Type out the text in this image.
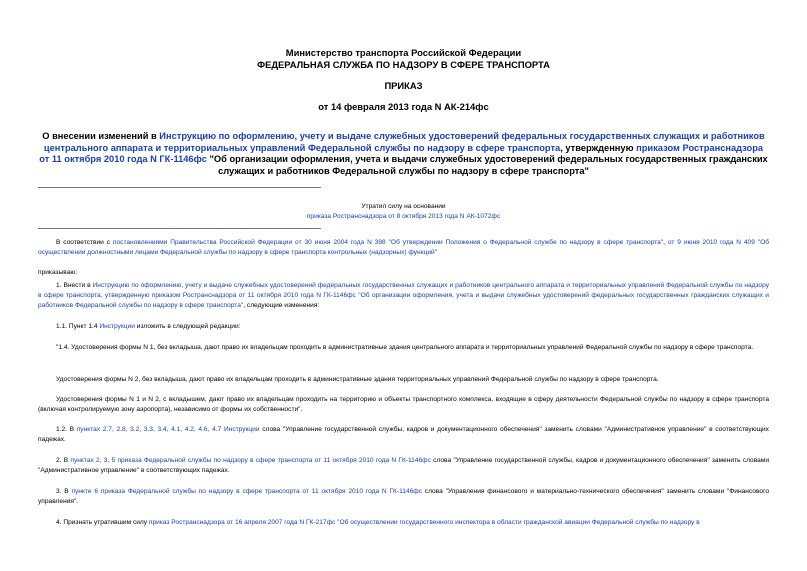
Министерство транспорта Российской Федерации
ФЕДЕРАЛЬНАЯ СЛУЖБА ПО НАДЗОРУ В СФЕРЕ ТРАНСПОРТА
ПРИКАЗ
от 14 февраля 2013 года N АК-214фс
О внесении изменений в Инструкцию по оформлению, учету и выдаче служебных удостоверений федеральных государственных служащих и работников центрального аппарата и территориальных управлений Федеральной службы по надзору в сфере транспорта, утвержденную приказом Ространснадзора от 11 октября 2010 года N ГК-1146фс "Об организации оформления, учета и выдачи служебных удостоверений федеральных государственных гражданских служащих и работников Федеральной службы по надзору в сфере транспорта"
Утратил силу на основании
приказа Ространснадзора от 8 октября 2013 года N АК-1072фс
В соответствии с постановлениями Правительства Российской Федерации от 30 июня 2004 года N 398 "Об утверждении Положения о Федеральной службе по надзору в сфере транспорта", от 9 июня 2010 года N 409 "Об осуществлении должностными лицами Федеральной службы по надзору в сфере транспорта контрольных (надзорных) функций"
приказываю:
1. Внести в Инструкцию по оформлению, учету и выдаче служебных удостоверений федеральных государственных служащих и работников центрального аппарата и территориальных управлений Федеральной службы по надзору в сфере транспорта, утвержденную приказом Ространснадзора от 11 октября 2010 года N ГК-1146фс "Об организации оформления, учета и выдачи служебных удостоверений федеральных государственных гражданских служащих и работников Федеральной службы по надзору в сфере транспорта", следующие изменения:
1.1. Пункт 1.4 Инструкции изложить в следующей редакции:
"1.4. Удостоверения формы N 1, без вкладыша, дают право их владельцам проходить в административные здания центрального аппарата и территориальных управлений Федеральной службы по надзору в сфере транспорта.
Удостоверения формы N 2, без вкладыша, дают право их владельцам проходить в административные здания территориальных управлений Федеральной службы по надзору в сфере транспорта.
Удостоверения формы N 1 и N 2, с вкладышем, дают право их владельцам проходить на территорию и объекты транспортного комплекса, входящие в сферу деятельности Федеральной службы по надзору в сфере транспорта (включая контролируемую зону аэропорта), независимо от формы их собственности".
1.2. В пунктах 2.7, 2.8, 3.2, 3.3, 3.4, 4.1, 4.2, 4.6, 4.7 Инструкции слова "Управление государственной службы, кадров и документационного обеспечения" заменить словами "Административное управление" в соответствующих падежах.
2. В пунктах 2, 3, 5 приказа Федеральной службы по надзору в сфере транспорта от 11 октября 2010 года N ГК-1146фс слова "Управление государственной службы, кадров и документационного обеспечения" заменить словами "Административное управление" в соответствующих падежах.
3. В пункте 6 приказа Федеральной службы по надзору в сфере транспорта от 11 октября 2010 года N ГК-1146фс слова "Управления финансового и материально-технического обеспечения" заменить словами "Финансового управления".
4. Признать утратившим силу приказ Ространснадзора от 16 апреля 2007 года N ГК-217фс "Об осуществлении государственного инспектора в области гражданской авиации Федеральной службы по надзору в
